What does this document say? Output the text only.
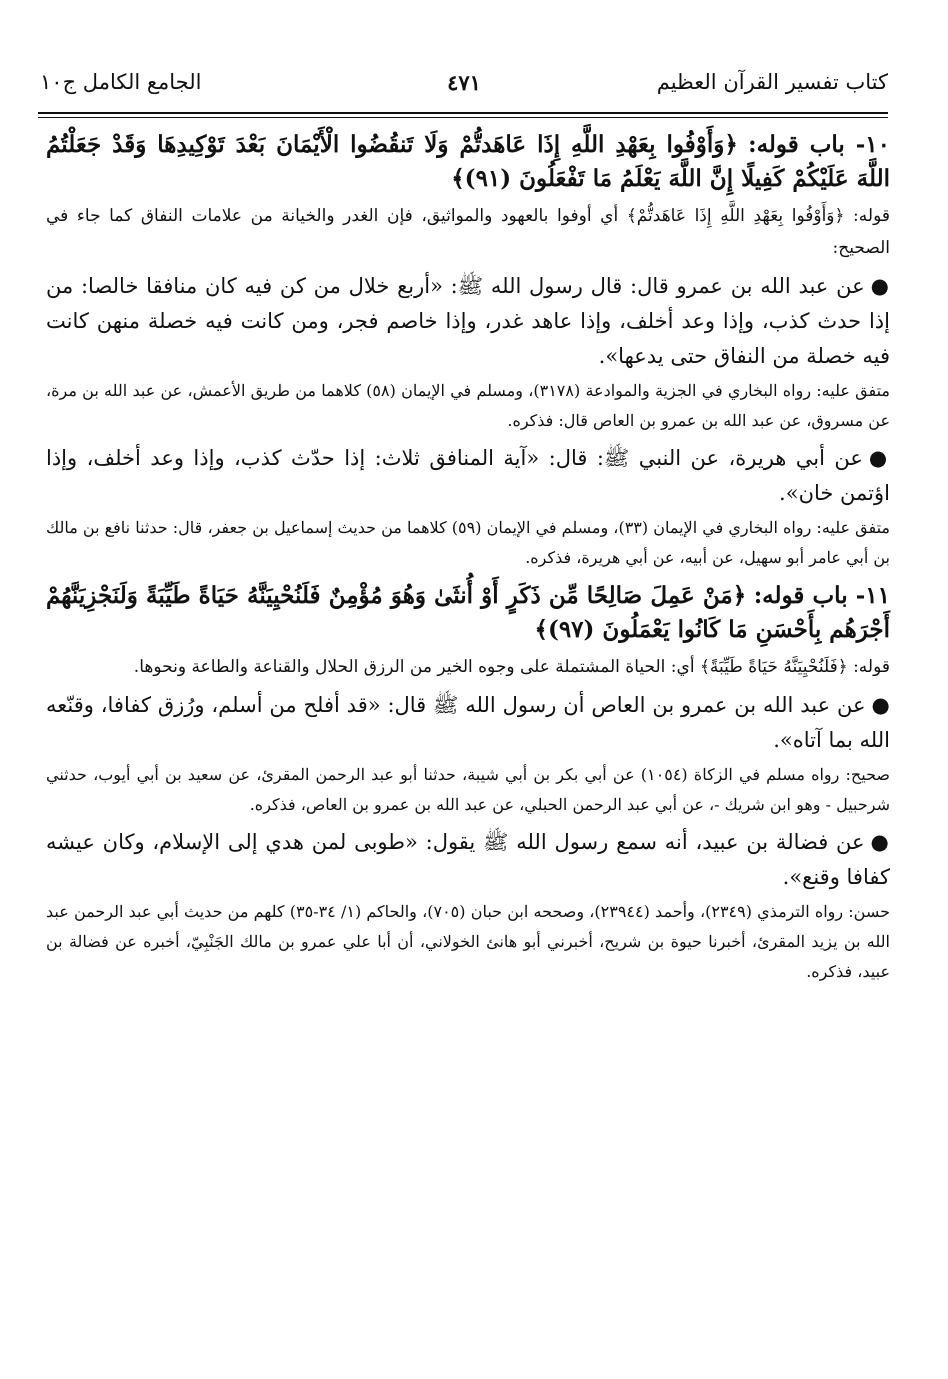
كتاب تفسير القرآن العظيم
٤٧١
الجامع الكامل ج١٠
١٠- باب قوله: ﴿وَأَوْفُوا بِعَهْدِ اللَّهِ إِذَا عَاهَدتُّمْ وَلَا تَنقُضُوا الْأَيْمَانَ بَعْدَ تَوْكِيدِهَا وَقَدْ جَعَلْتُمُ اللَّهَ عَلَيْكُمْ كَفِيلًا إِنَّ اللَّهَ يَعْلَمُ مَا تَفْعَلُونَ (٩١)﴾
قوله: ﴿وَأَوْفُوا بِعَهْدِ اللَّهِ إِذَا عَاهَدتُّمْ﴾ أي أوفوا بالعهود والمواثيق، فإن الغدر والخيانة من علامات النفاق كما جاء في الصحيح:
●عن عبد الله بن عمرو قال: قال رسول الله ﷺ: «أربع خلال من كن فيه كان منافقا خالصا: من إذا حدث كذب، وإذا وعد أخلف، وإذا عاهد غدر، وإذا خاصم فجر، ومن كانت فيه خصلة منهن كانت فيه خصلة من النفاق حتى يدعها».
متفق عليه: رواه البخاري في الجزية والموادعة (٣١٧٨)، ومسلم في الإيمان (٥٨) كلاهما من طريق الأعمش، عن عبد الله بن مرة، عن مسروق، عن عبد الله بن عمرو بن العاص قال: فذكره.
●عن أبي هريرة، عن النبي ﷺ: قال: «آية المنافق ثلاث: إذا حدّث كذب، وإذا وعد أخلف، وإذا اؤتمن خان».
متفق عليه: رواه البخاري في الإيمان (٣٣)، ومسلم في الإيمان (٥٩) كلاهما من حديث إسماعيل بن جعفر، قال: حدثنا نافع بن مالك بن أبي عامر أبو سهيل، عن أبيه، عن أبي هريرة، فذكره.
١١- باب قوله: ﴿مَنْ عَمِلَ صَالِحًا مِّن ذَكَرٍ أَوْ أُنثَىٰ وَهُوَ مُؤْمِنٌ فَلَنُحْيِيَنَّهُ حَيَاةً طَيِّبَةً وَلَنَجْزِيَنَّهُمْ أَجْرَهُم بِأَحْسَنِ مَا كَانُوا يَعْمَلُونَ (٩٧)﴾
قوله: ﴿فَلَنُحْيِيَنَّهُ حَيَاةً طَيِّبَةً﴾ أي: الحياة المشتملة على وجوه الخير من الرزق الحلال والقناعة والطاعة ونحوها.
●عن عبد الله بن عمرو بن العاص أن رسول الله ﷺ قال: «قد أفلح من أسلم، ورُزق كفافا، وقنّعه الله بما آتاه».
صحيح: رواه مسلم في الزكاة (١٠٥٤) عن أبي بكر بن أبي شيبة، حدثنا أبو عبد الرحمن المقرئ، عن سعيد بن أبي أيوب، حدثني شرحبيل - وهو ابن شريك -، عن أبي عبد الرحمن الحبلي، عن عبد الله بن عمرو بن العاص، فذكره.
●عن فضالة بن عبيد، أنه سمع رسول الله ﷺ يقول: «طوبى لمن هدي إلى الإسلام، وكان عيشه كفافا وقنع».
حسن: رواه الترمذي (٢٣٤٩)، وأحمد (٢٣٩٤٤)، وصححه ابن حبان (٧٠٥)، والحاكم (١/ ٣٤-٣٥) كلهم من حديث أبي عبد الرحمن عبد الله بن يزيد المقرئ، أخبرنا حيوة بن شريح، أخبرني أبو هانئ الخولاني، أن أبا علي عمرو بن مالك الجَنْبِيّ، أخبره عن فضالة بن عبيد، فذكره.
